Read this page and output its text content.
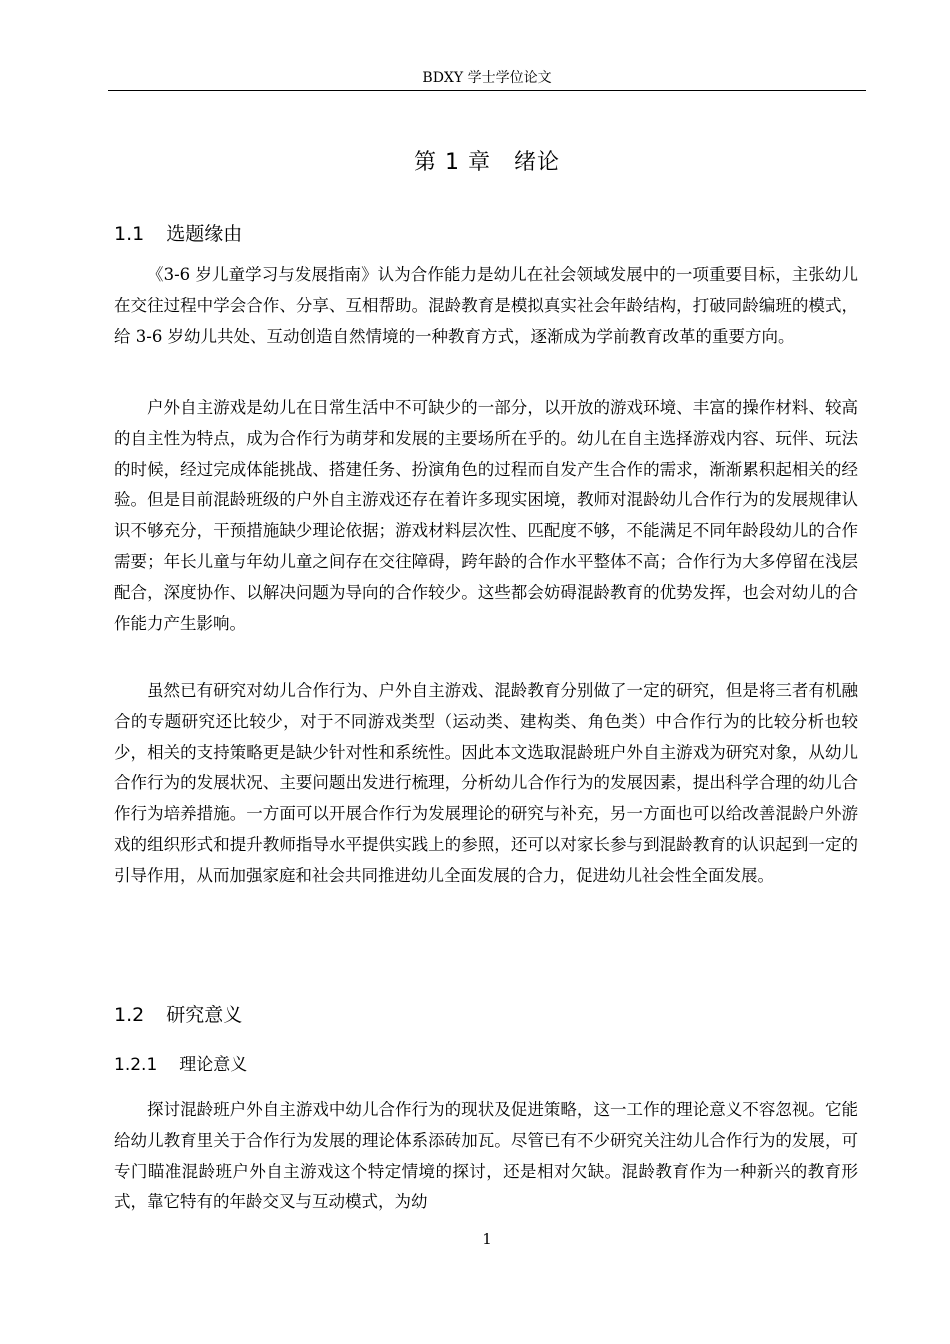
BDXY 学士学位论文
第 1 章　绪论
1.1 选题缘由

《3-6 岁儿童学习与发展指南》认为合作能力是幼儿在社会领域发展中的一项重要目标，主张幼儿在交往过程中学会合作、分享、互相帮助。混龄教育是模拟真实社会年龄结构，打破同龄编班的模式，给 3-6 岁幼儿共处、互动创造自然情境的一种教育方式，逐渐成为学前教育改革的重要方向。

户外自主游戏是幼儿在日常生活中不可缺少的一部分，以开放的游戏环境、丰富的操作材料、较高的自主性为特点，成为合作行为萌芽和发展的主要场所在乎的。幼儿在自主选择游戏内容、玩伴、玩法的时候，经过完成体能挑战、搭建任务、扮演角色的过程而自发产生合作的需求，渐渐累积起相关的经验。但是目前混龄班级的户外自主游戏还存在着许多现实困境，教师对混龄幼儿合作行为的发展规律认识不够充分，干预措施缺少理论依据；游戏材料层次性、匹配度不够，不能满足不同年龄段幼儿的合作需要；年长儿童与年幼儿童之间存在交往障碍，跨年龄的合作水平整体不高；合作行为大多停留在浅层配合，深度协作、以解决问题为导向的合作较少。这些都会妨碍混龄教育的优势发挥，也会对幼儿的合作能力产生影响。

虽然已有研究对幼儿合作行为、户外自主游戏、混龄教育分别做了一定的研究，但是将三者有机融合的专题研究还比较少，对于不同游戏类型（运动类、建构类、角色类）中合作行为的比较分析也较少，相关的支持策略更是缺少针对性和系统性。因此本文选取混龄班户外自主游戏为研究对象，从幼儿合作行为的发展状况、主要问题出发进行梳理，分析幼儿合作行为的发展因素，提出科学合理的幼儿合作行为培养措施。一方面可以开展合作行为发展理论的研究与补充，另一方面也可以给改善混龄户外游戏的组织形式和提升教师指导水平提供实践上的参照，还可以对家长参与到混龄教育的认识起到一定的引导作用，从而加强家庭和社会共同推进幼儿全面发展的合力，促进幼儿社会性全面发展。

1.2 研究意义
1.2.1 理论意义

探讨混龄班户外自主游戏中幼儿合作行为的现状及促进策略，这一工作的理论意义不容忽视。它能给幼儿教育里关于合作行为发展的理论体系添砖加瓦。尽管已有不少研究关注幼儿合作行为的发展，可专门瞄准混龄班户外自主游戏这个特定情境的探讨，还是相对欠缺。混龄教育作为一种新兴的教育形式，靠它特有的年龄交叉与互动模式，为幼

1
